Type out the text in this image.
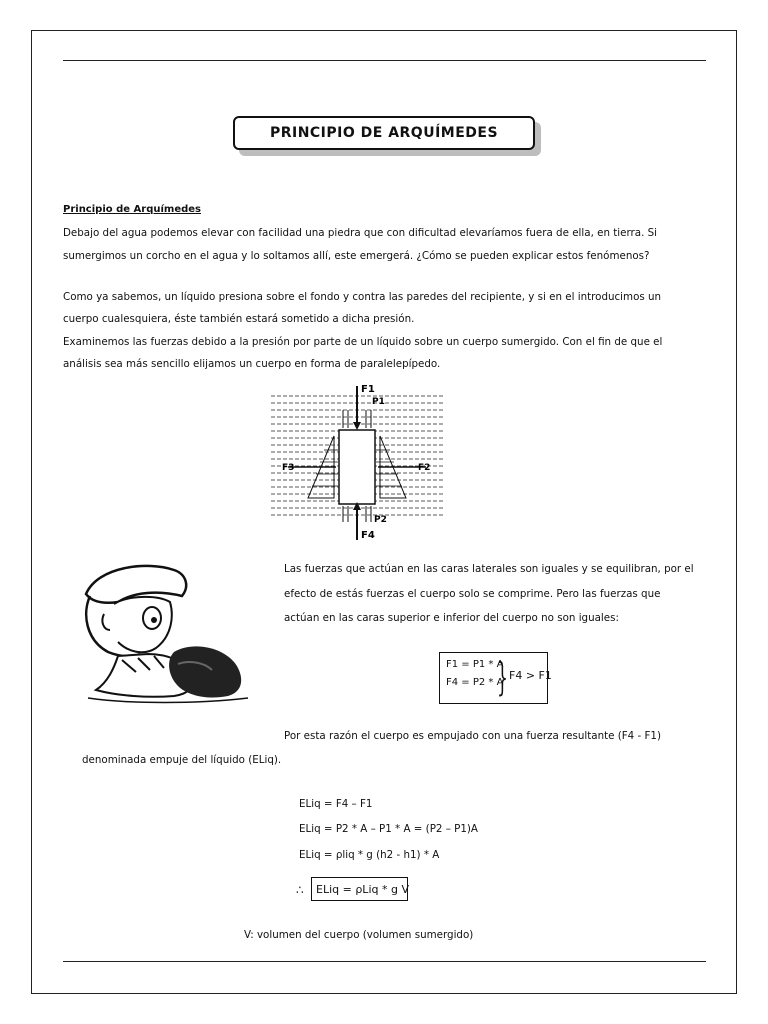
PRINCIPIO DE ARQUÍMEDES
Principio de Arquímedes
Debajo del agua podemos elevar con facilidad una piedra que con dificultad elevaríamos fuera de ella, en tierra. Si
sumergimos un corcho en el agua y lo soltamos allí, este emergerá. ¿Cómo se pueden explicar estos fenómenos?
Como ya sabemos, un líquido presiona sobre el fondo y contra las paredes del recipiente, y si en el introducimos un
cuerpo cualesquiera, éste también estará sometido a dicha presión.
Examinemos las fuerzas debido a la presión por parte de un líquido sobre un cuerpo sumergido. Con el fin de que el
análisis sea más sencillo elijamos un cuerpo en forma de paralelepípedo.
F1
P1
F3	F2
P2
F4
Las fuerzas que actúan en las caras laterales son iguales y se equilibran, por el
efecto de estás fuerzas el cuerpo solo se comprime. Pero las fuerzas que
actúan en las caras superior e inferior del cuerpo no son iguales:
F1 = P1 * A
F4 = P2 * A
} F4 > F1
Por esta razón el cuerpo es empujado con una fuerza resultante (F4 - F1)
denominada empuje del líquido (ELiq).
ELiq = F4 – F1
ELiq = P2 * A – P1 * A = (P2 – P1)A
ELiq = ρliq * g (h2 - h1) * A
∴	ELiq = ρLiq * g V
V: volumen del cuerpo (volumen sumergido)
